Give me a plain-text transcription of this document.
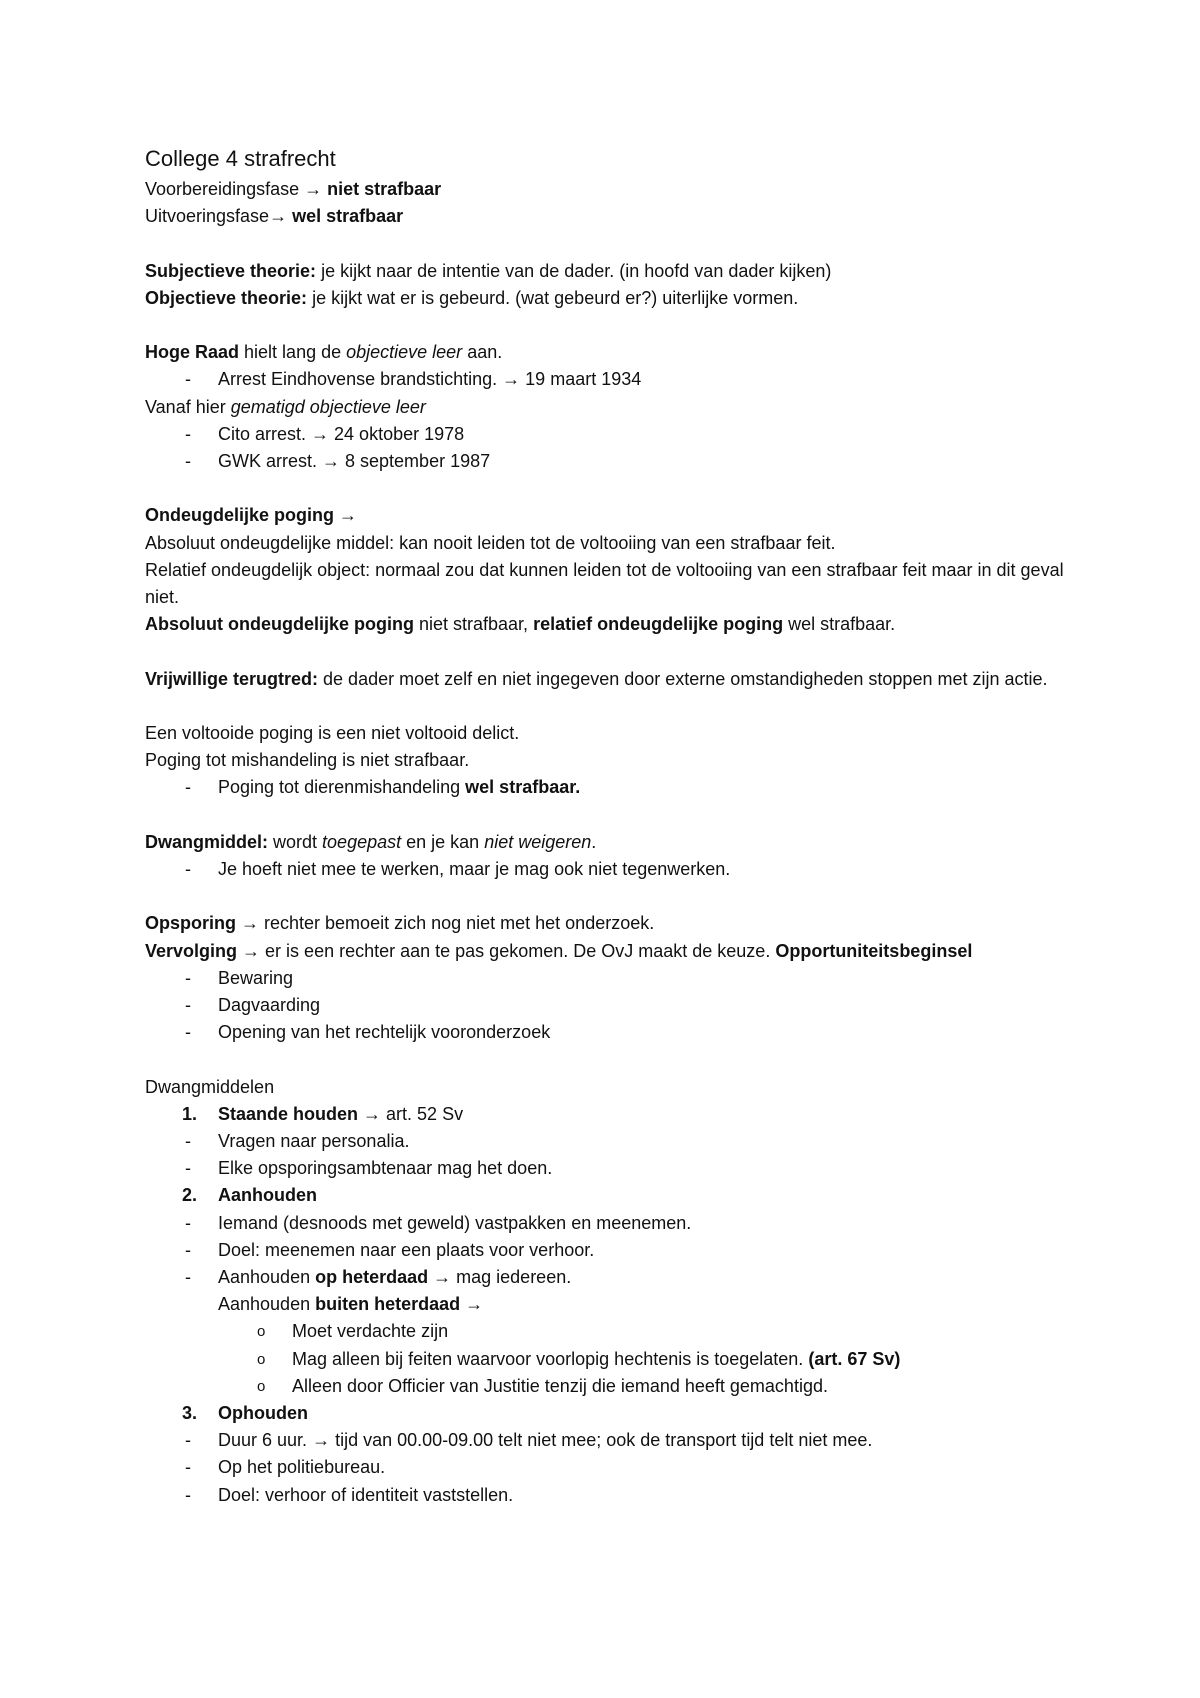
College 4 strafrecht

Voorbereidingsfase → niet strafbaar

Uitvoeringsfase→ wel strafbaar

Subjectieve theorie: je kijkt naar de intentie van de dader. (in hoofd van dader kijken)

Objectieve theorie: je kijkt wat er is gebeurd. (wat gebeurd er?) uiterlijke vormen.

Hoge Raad hielt lang de objectieve leer aan.

- Arrest Eindhovense brandstichting. → 19 maart 1934

Vanaf hier gematigd objectieve leer

- Cito arrest. → 24 oktober 1978

- GWK arrest. → 8 september 1987

Ondeugdelijke poging →

Absoluut ondeugdelijke middel: kan nooit leiden tot de voltooiing van een strafbaar feit.

Relatief ondeugdelijk object: normaal zou dat kunnen leiden tot de voltooiing van een strafbaar feit maar in dit geval niet.

Absoluut ondeugdelijke poging niet strafbaar, relatief ondeugdelijke poging wel strafbaar.

Vrijwillige terugtred: de dader moet zelf en niet ingegeven door externe omstandigheden stoppen met zijn actie.

Een voltooide poging is een niet voltooid delict.

Poging tot mishandeling is niet strafbaar.

- Poging tot dierenmishandeling wel strafbaar.

Dwangmiddel: wordt toegepast en je kan niet weigeren.

- Je hoeft niet mee te werken, maar je mag ook niet tegenwerken.

Opsporing → rechter bemoeit zich nog niet met het onderzoek.

Vervolging → er is een rechter aan te pas gekomen. De OvJ maakt de keuze. Opportuniteitsbeginsel

- Bewaring

- Dagvaarding

- Opening van het rechtelijk vooronderzoek

Dwangmiddelen

1. Staande houden → art. 52 Sv

- Vragen naar personalia.

- Elke opsporingsambtenaar mag het doen.

2. Aanhouden

- Iemand (desnoods met geweld) vastpakken en meenemen.

- Doel: meenemen naar een plaats voor verhoor.

- Aanhouden op heterdaad → mag iedereen.

Aanhouden buiten heterdaad →

o Moet verdachte zijn

o Mag alleen bij feiten waarvoor voorlopig hechtenis is toegelaten. (art. 67 Sv)

o Alleen door Officier van Justitie tenzij die iemand heeft gemachtigd.

3. Ophouden

- Duur 6 uur. → tijd van 00.00-09.00 telt niet mee; ook de transport tijd telt niet mee.

- Op het politiebureau.

- Doel: verhoor of identiteit vaststellen.
